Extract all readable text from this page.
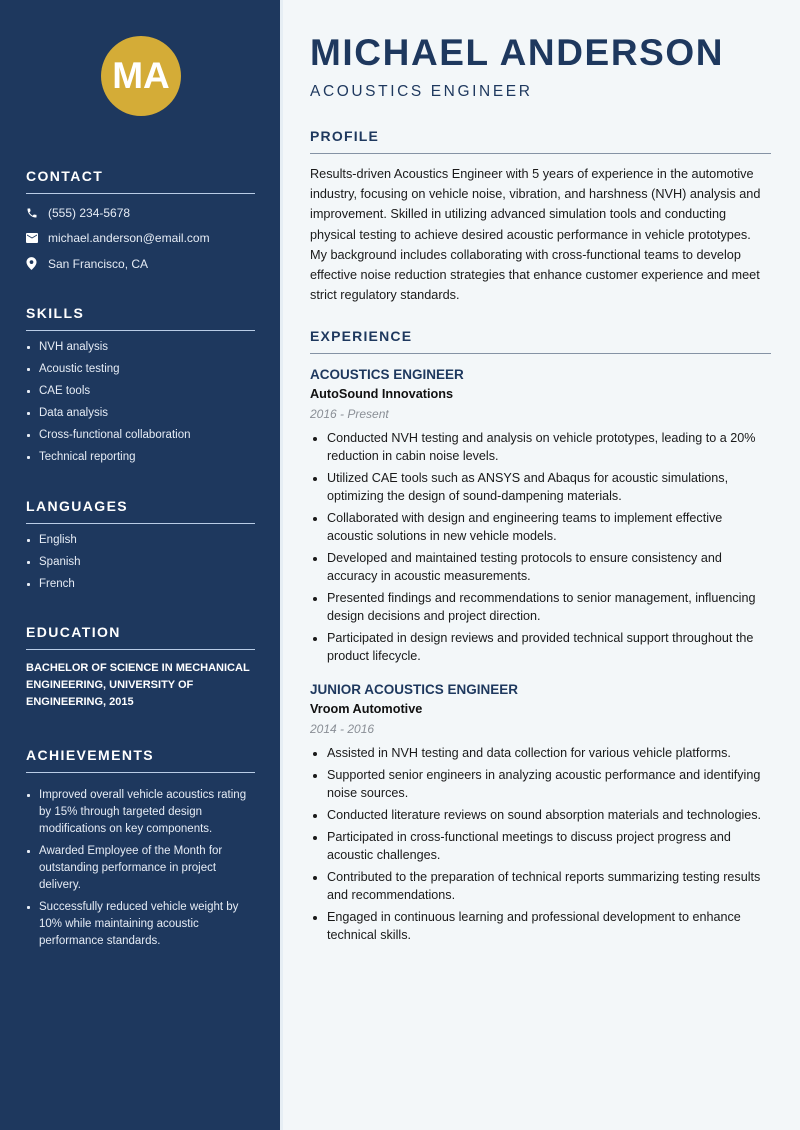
MA
CONTACT
(555) 234-5678
michael.anderson@email.com
San Francisco, CA
SKILLS
NVH analysis
Acoustic testing
CAE tools
Data analysis
Cross-functional collaboration
Technical reporting
LANGUAGES
English
Spanish
French
EDUCATION
BACHELOR OF SCIENCE IN MECHANICAL ENGINEERING, UNIVERSITY OF ENGINEERING, 2015
ACHIEVEMENTS
Improved overall vehicle acoustics rating by 15% through targeted design modifications on key components.
Awarded Employee of the Month for outstanding performance in project delivery.
Successfully reduced vehicle weight by 10% while maintaining acoustic performance standards.
MICHAEL ANDERSON
ACOUSTICS ENGINEER
PROFILE

Results-driven Acoustics Engineer with 5 years of experience in the automotive industry, focusing on vehicle noise, vibration, and harshness (NVH) analysis and improvement. Skilled in utilizing advanced simulation tools and conducting physical testing to achieve desired acoustic performance in vehicle prototypes. My background includes collaborating with cross-functional teams to develop effective noise reduction strategies that enhance customer experience and meet strict regulatory standards.

EXPERIENCE
ACOUSTICS ENGINEER
AutoSound Innovations
2016 - Present
Conducted NVH testing and analysis on vehicle prototypes, leading to a 20% reduction in cabin noise levels.
Utilized CAE tools such as ANSYS and Abaqus for acoustic simulations, optimizing the design of sound-dampening materials.
Collaborated with design and engineering teams to implement effective acoustic solutions in new vehicle models.
Developed and maintained testing protocols to ensure consistency and accuracy in acoustic measurements.
Presented findings and recommendations to senior management, influencing design decisions and project direction.
Participated in design reviews and provided technical support throughout the product lifecycle.
JUNIOR ACOUSTICS ENGINEER
Vroom Automotive
2014 - 2016
Assisted in NVH testing and data collection for various vehicle platforms.
Supported senior engineers in analyzing acoustic performance and identifying noise sources.
Conducted literature reviews on sound absorption materials and technologies.
Participated in cross-functional meetings to discuss project progress and acoustic challenges.
Contributed to the preparation of technical reports summarizing testing results and recommendations.
Engaged in continuous learning and professional development to enhance technical skills.
